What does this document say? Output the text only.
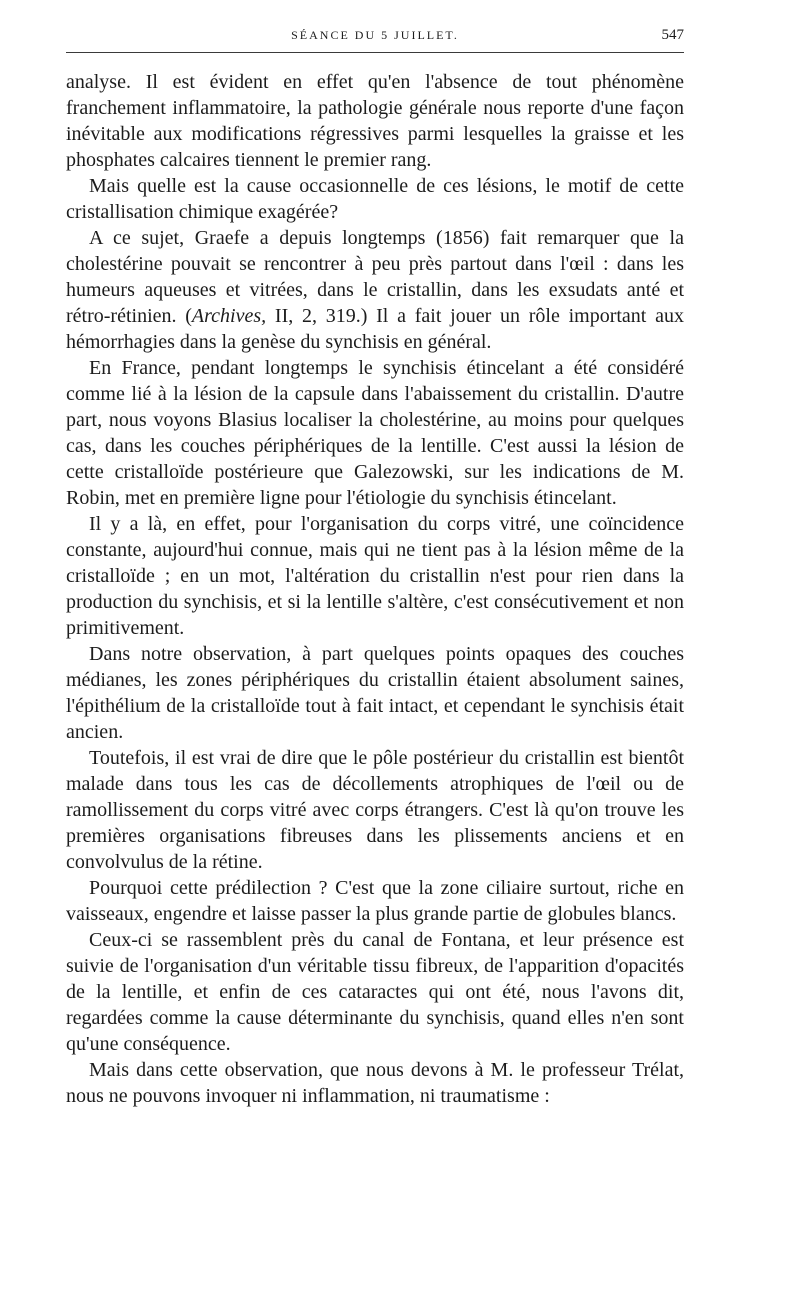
SÉANCE DU 5 JUILLET.	547

analyse. Il est évident en effet qu'en l'absence de tout phénomène franchement inflammatoire, la pathologie générale nous reporte d'une façon inévitable aux modifications régressives parmi lesquelles la graisse et les phosphates calcaires tiennent le premier rang.

Mais quelle est la cause occasionnelle de ces lésions, le motif de cette cristallisation chimique exagérée?

A ce sujet, Graefe a depuis longtemps (1856) fait remarquer que la cholestérine pouvait se rencontrer à peu près partout dans l'œil : dans les humeurs aqueuses et vitrées, dans le cristallin, dans les exsudats anté et rétro-rétinien. (Archives, II, 2, 319.) Il a fait jouer un rôle important aux hémorrhagies dans la genèse du synchisis en général.

En France, pendant longtemps le synchisis étincelant a été considéré comme lié à la lésion de la capsule dans l'abaissement du cristallin. D'autre part, nous voyons Blasius localiser la cholestérine, au moins pour quelques cas, dans les couches périphériques de la lentille. C'est aussi la lésion de cette cristalloïde postérieure que Galezowski, sur les indications de M. Robin, met en première ligne pour l'étiologie du synchisis étincelant.

Il y a là, en effet, pour l'organisation du corps vitré, une coïncidence constante, aujourd'hui connue, mais qui ne tient pas à la lésion même de la cristalloïde ; en un mot, l'altération du cristallin n'est pour rien dans la production du synchisis, et si la lentille s'altère, c'est consécutivement et non primitivement.

Dans notre observation, à part quelques points opaques des couches médianes, les zones périphériques du cristallin étaient absolument saines, l'épithélium de la cristalloïde tout à fait intact, et cependant le synchisis était ancien.

Toutefois, il est vrai de dire que le pôle postérieur du cristallin est bientôt malade dans tous les cas de décollements atrophiques de l'œil ou de ramollissement du corps vitré avec corps étrangers. C'est là qu'on trouve les premières organisations fibreuses dans les plissements anciens et en convolvulus de la rétine.

Pourquoi cette prédilection ? C'est que la zone ciliaire surtout, riche en vaisseaux, engendre et laisse passer la plus grande partie de globules blancs.

Ceux-ci se rassemblent près du canal de Fontana, et leur présence est suivie de l'organisation d'un véritable tissu fibreux, de l'apparition d'opacités de la lentille, et enfin de ces cataractes qui ont été, nous l'avons dit, regardées comme la cause déterminante du synchisis, quand elles n'en sont qu'une conséquence.

Mais dans cette observation, que nous devons à M. le professeur Trélat, nous ne pouvons invoquer ni inflammation, ni traumatisme :
